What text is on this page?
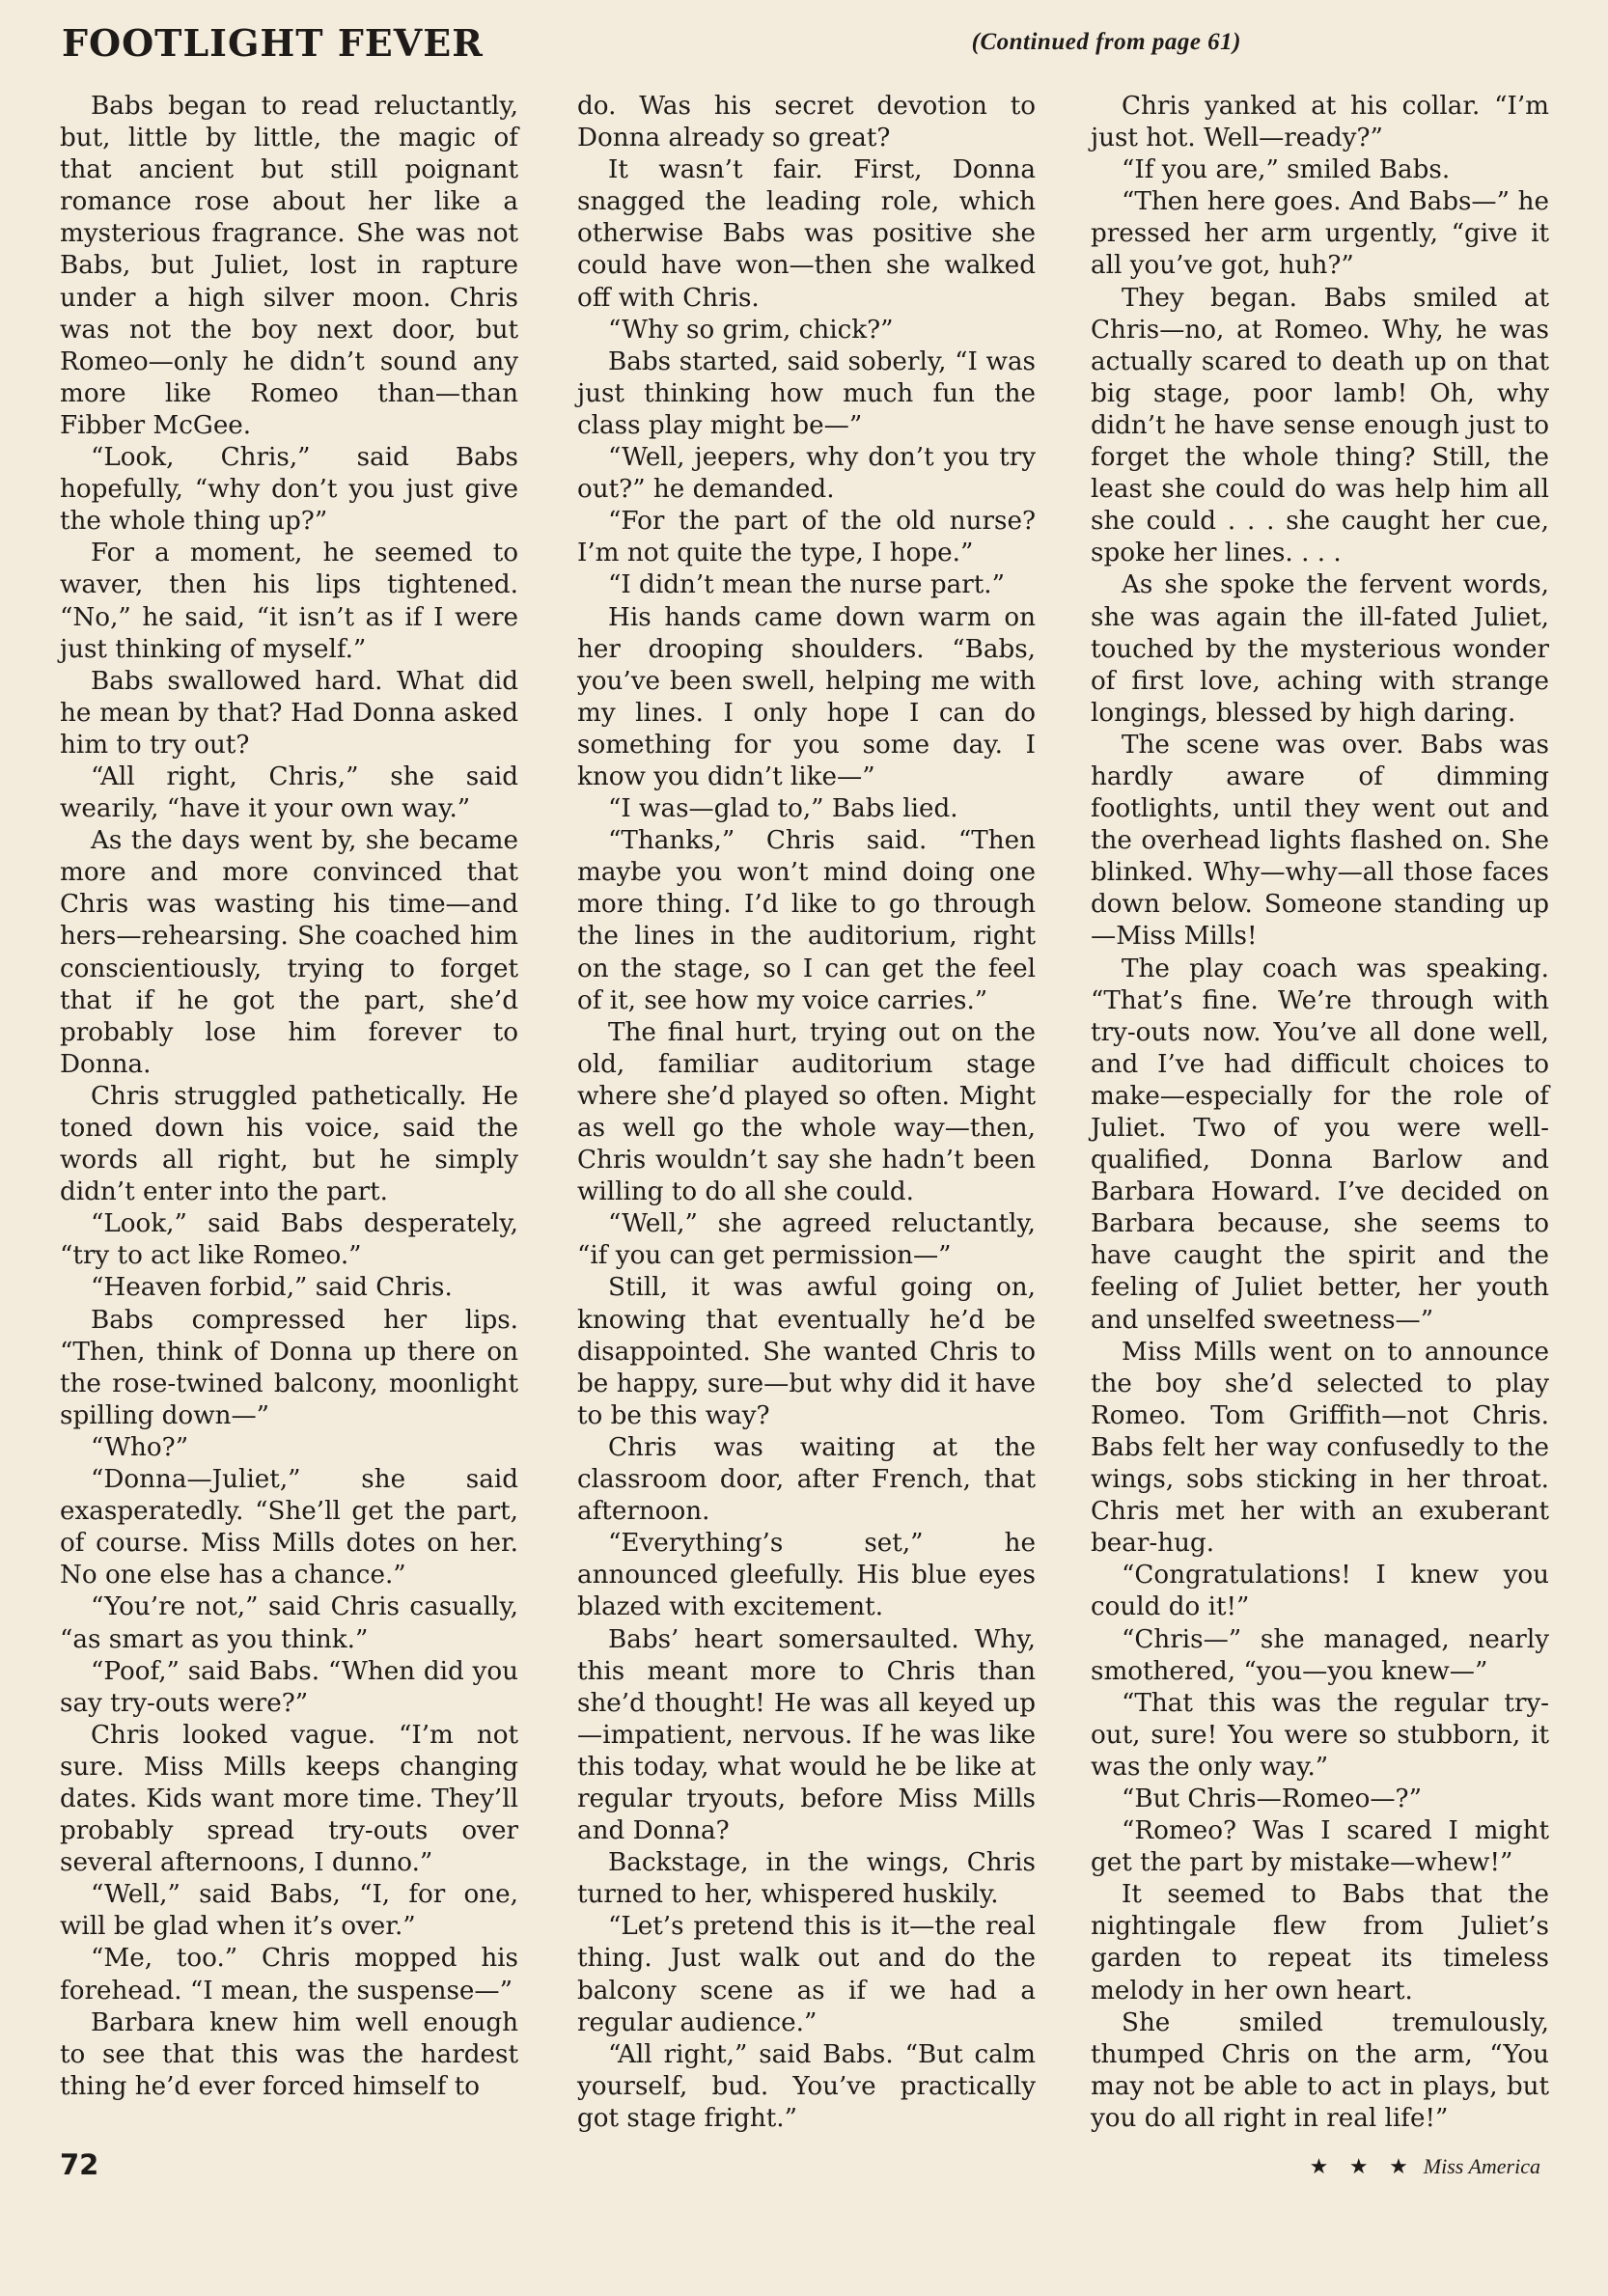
FOOTLIGHT FEVER	(Continued from page 61)

Babs began to read reluctantly, but, little by little, the magic of that ancient but still poignant romance rose about her like a mysterious fragrance. She was not Babs, but Juliet, lost in rapture under a high silver moon. Chris was not the boy next door, but Romeo—only he didn’t sound any more like Romeo than—than Fibber McGee.

“Look, Chris,” said Babs hopefully, “why don’t you just give the whole thing up?”

For a moment, he seemed to waver, then his lips tightened. “No,” he said, “it isn’t as if I were just thinking of myself.”

Babs swallowed hard. What did he mean by that? Had Donna asked him to try out?

“All right, Chris,” she said wearily, “have it your own way.”

As the days went by, she became more and more convinced that Chris was wasting his time—and hers—rehearsing. She coached him conscientiously, trying to forget that if he got the part, she’d probably lose him forever to Donna.

Chris struggled pathetically. He toned down his voice, said the words all right, but he simply didn’t enter into the part.

“Look,” said Babs desperately, “try to act like Romeo.”

“Heaven forbid,” said Chris.

Babs compressed her lips. “Then, think of Donna up there on the rose-twined balcony, moonlight spilling down—”

“Who?”

“Donna—Juliet,” she said exasperatedly. “She’ll get the part, of course. Miss Mills dotes on her. No one else has a chance.”

“You’re not,” said Chris casually, “as smart as you think.”

“Poof,” said Babs. “When did you say try-outs were?”

Chris looked vague. “I’m not sure. Miss Mills keeps changing dates. Kids want more time. They’ll probably spread try-outs over several afternoons, I dunno.”

“Well,” said Babs, “I, for one, will be glad when it’s over.”

“Me, too.” Chris mopped his forehead. “I mean, the suspense—”

Barbara knew him well enough to see that this was the hardest thing he’d ever forced himself to

do. Was his secret devotion to Donna already so great?

It wasn’t fair. First, Donna snagged the leading role, which otherwise Babs was positive she could have won—then she walked off with Chris.

“Why so grim, chick?”

Babs started, said soberly, “I was just thinking how much fun the class play might be—”

“Well, jeepers, why don’t you try out?” he demanded.

“For the part of the old nurse? I’m not quite the type, I hope.”

“I didn’t mean the nurse part.”

His hands came down warm on her drooping shoulders. “Babs, you’ve been swell, helping me with my lines. I only hope I can do something for you some day. I know you didn’t like—”

“I was—glad to,” Babs lied.

“Thanks,” Chris said. “Then maybe you won’t mind doing one more thing. I’d like to go through the lines in the auditorium, right on the stage, so I can get the feel of it, see how my voice carries.”

The final hurt, trying out on the old, familiar auditorium stage where she’d played so often. Might as well go the whole way—then, Chris wouldn’t say she hadn’t been willing to do all she could.

“Well,” she agreed reluctantly, “if you can get permission—”

Still, it was awful going on, knowing that eventually he’d be disappointed. She wanted Chris to be happy, sure—but why did it have to be this way?

Chris was waiting at the classroom door, after French, that afternoon.

“Everything’s set,” he announced gleefully. His blue eyes blazed with excitement.

Babs’ heart somersaulted. Why, this meant more to Chris than she’d thought! He was all keyed up—impatient, nervous. If he was like this today, what would he be like at regular tryouts, before Miss Mills and Donna?

Backstage, in the wings, Chris turned to her, whispered huskily.

“Let’s pretend this is it—the real thing. Just walk out and do the balcony scene as if we had a regular audience.”

“All right,” said Babs. “But calm yourself, bud. You’ve practically got stage fright.”

Chris yanked at his collar. “I’m just hot. Well—ready?”

“If you are,” smiled Babs.

“Then here goes. And Babs—” he pressed her arm urgently, “give it all you’ve got, huh?”

They began. Babs smiled at Chris—no, at Romeo. Why, he was actually scared to death up on that big stage, poor lamb! Oh, why didn’t he have sense enough just to forget the whole thing? Still, the least she could do was help him all she could . . . she caught her cue, spoke her lines. . . .

As she spoke the fervent words, she was again the ill-fated Juliet, touched by the mysterious wonder of first love, aching with strange longings, blessed by high daring.

The scene was over. Babs was hardly aware of dimming footlights, until they went out and the overhead lights flashed on. She blinked. Why—why—all those faces down below. Someone standing up—Miss Mills!

The play coach was speaking. “That’s fine. We’re through with try-outs now. You’ve all done well, and I’ve had difficult choices to make—especially for the role of Juliet. Two of you were well-qualified, Donna Barlow and Barbara Howard. I’ve decided on Barbara because, she seems to have caught the spirit and the feeling of Juliet better, her youth and unselfed sweetness—”

Miss Mills went on to announce the boy she’d selected to play Romeo. Tom Griffith—not Chris. Babs felt her way confusedly to the wings, sobs sticking in her throat. Chris met her with an exuberant bear-hug.

“Congratulations! I knew you could do it!”

“Chris—” she managed, nearly smothered, “you—you knew—”

“That this was the regular try-out, sure! You were so stubborn, it was the only way.”

“But Chris—Romeo—?”

“Romeo? Was I scared I might get the part by mistake—whew!”

It seemed to Babs that the nightingale flew from Juliet’s garden to repeat its timeless melody in her own heart.

She smiled tremulously, thumped Chris on the arm, “You may not be able to act in plays, but you do all right in real life!”

72	★ ★ ★ Miss America
